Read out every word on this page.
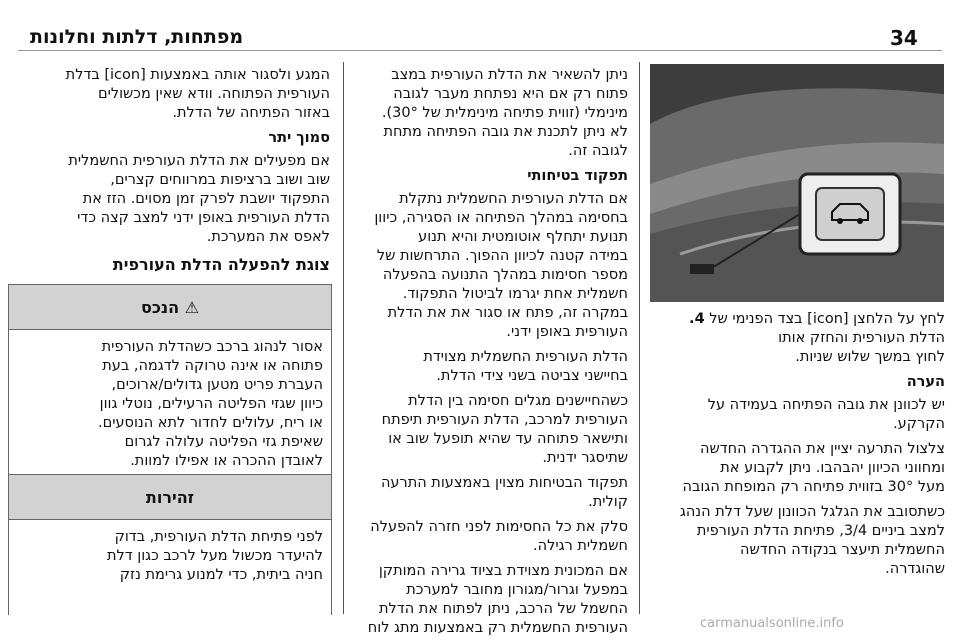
מפתחות, דלתות וחלונות	34

המגע ולסגור אותה באמצעות [icon] בדלת
העורפית הפתוחה. וודא שאין מכשולים
באזור הפתיחה של הדלת.

סמוך יתר

אם מפעילים את הדלת העורפית החשמלית
שוב ושוב ברציפות במרווחים קצרים,
התפקוד יושבת לפרק זמן מסוים. הזז את
הדלת העורפית באופן ידני למצב קצה כדי
לאפס את המערכת.

צוגת להפעלה הדלת העורפית
⚠ הנכס
אסור לנהוג ברכב כשהדלת העורפית
פתוחה או אינה טרוקה לדגמה, בעת
העברת פריט מטען גדולים/ארוכים,
כיוון שגזי הפליטה הרעילים, נוטלי גוון
או ריח, עלולים לחדור לתא הנוסעים.
שאיפת גזי הפליטה עלולה לגרום
לאובדן ההכרה או אפילו למוות.
זהירות
לפני פתיחת הדלת העורפית, בדוק
להיעדר מכשול מעל לרכב כגון דלת
חניה ביתית, כדי למנוע גרימת נזק

ניתן להשאיר את הדלת העורפית במצב
פתוח רק אם היא נפתחת מעבר לגובה
מינימלי (זווית פתיחה מינימלית של 30°).
לא ניתן לתכנת את גובה הפתיחה מתחת
לגובה זה.

תפקוד בטיחותי

אם הדלת העורפית החשמלית נתקלת
בחסימה במהלך הפתיחה או הסגירה, כיוון
תנועת יתחלף אוטומטית והיא תנוע
במידה קטנה לכיוון ההפוך. התרחשות של
מספר חסימות במהלך התנועה בהפעלה
חשמלית אחת יגרמו לביטול התפקוד.
במקרה זה, פתח או סגור את את הדלת
העורפית באופן ידני.

הדלת העורפית החשמלית מצוידת
בחיישני צביטה בשני צידי הדלת.

כשהחיישנים מגלים חסימה בין הדלת
העורפית למרכב, הדלת העורפית תיפתח
ותישאר פתוחה עד שהיא תופעל שוב או
שתיסגר ידנית.

תפקוד הבטיחות מצוין באמצעות התרעה
קולית.

סלק את כל החסימות לפני חזרה להפעלה
חשמלית רגילה.

אם המכונית מצוידת בציוד גרירה המותקן
במפעל וגרור/מגורון מחובר למערכת
החשמל של הרכב, ניתן לפתוח את הדלת
העורפית החשמלית רק באמצעות מתג לוח

לחץ על הלחצן [icon] בצד הפנימי של 4.
הדלת העורפית והחזק אותו
לחוץ במשך שלוש שניות.

הערה

יש לכוונן את גובה הפתיחה בעמידה על
הקרקע.

צלצול התרעה יציין את ההגדרה החדשה
ומחווני הכיוון יהבהבו. ניתן לקבוע את
מעל 30° בזווית פתיחה רק המופחת הגובה

כשתסובב את הגלגל הכוונון שעל דלת הנהג
למצב ביניים 3/4, פתיחת הדלת העורפית
החשמלית תיעצר בנקודה החדשה
שהוגדרה.

carmanualsonline.info
